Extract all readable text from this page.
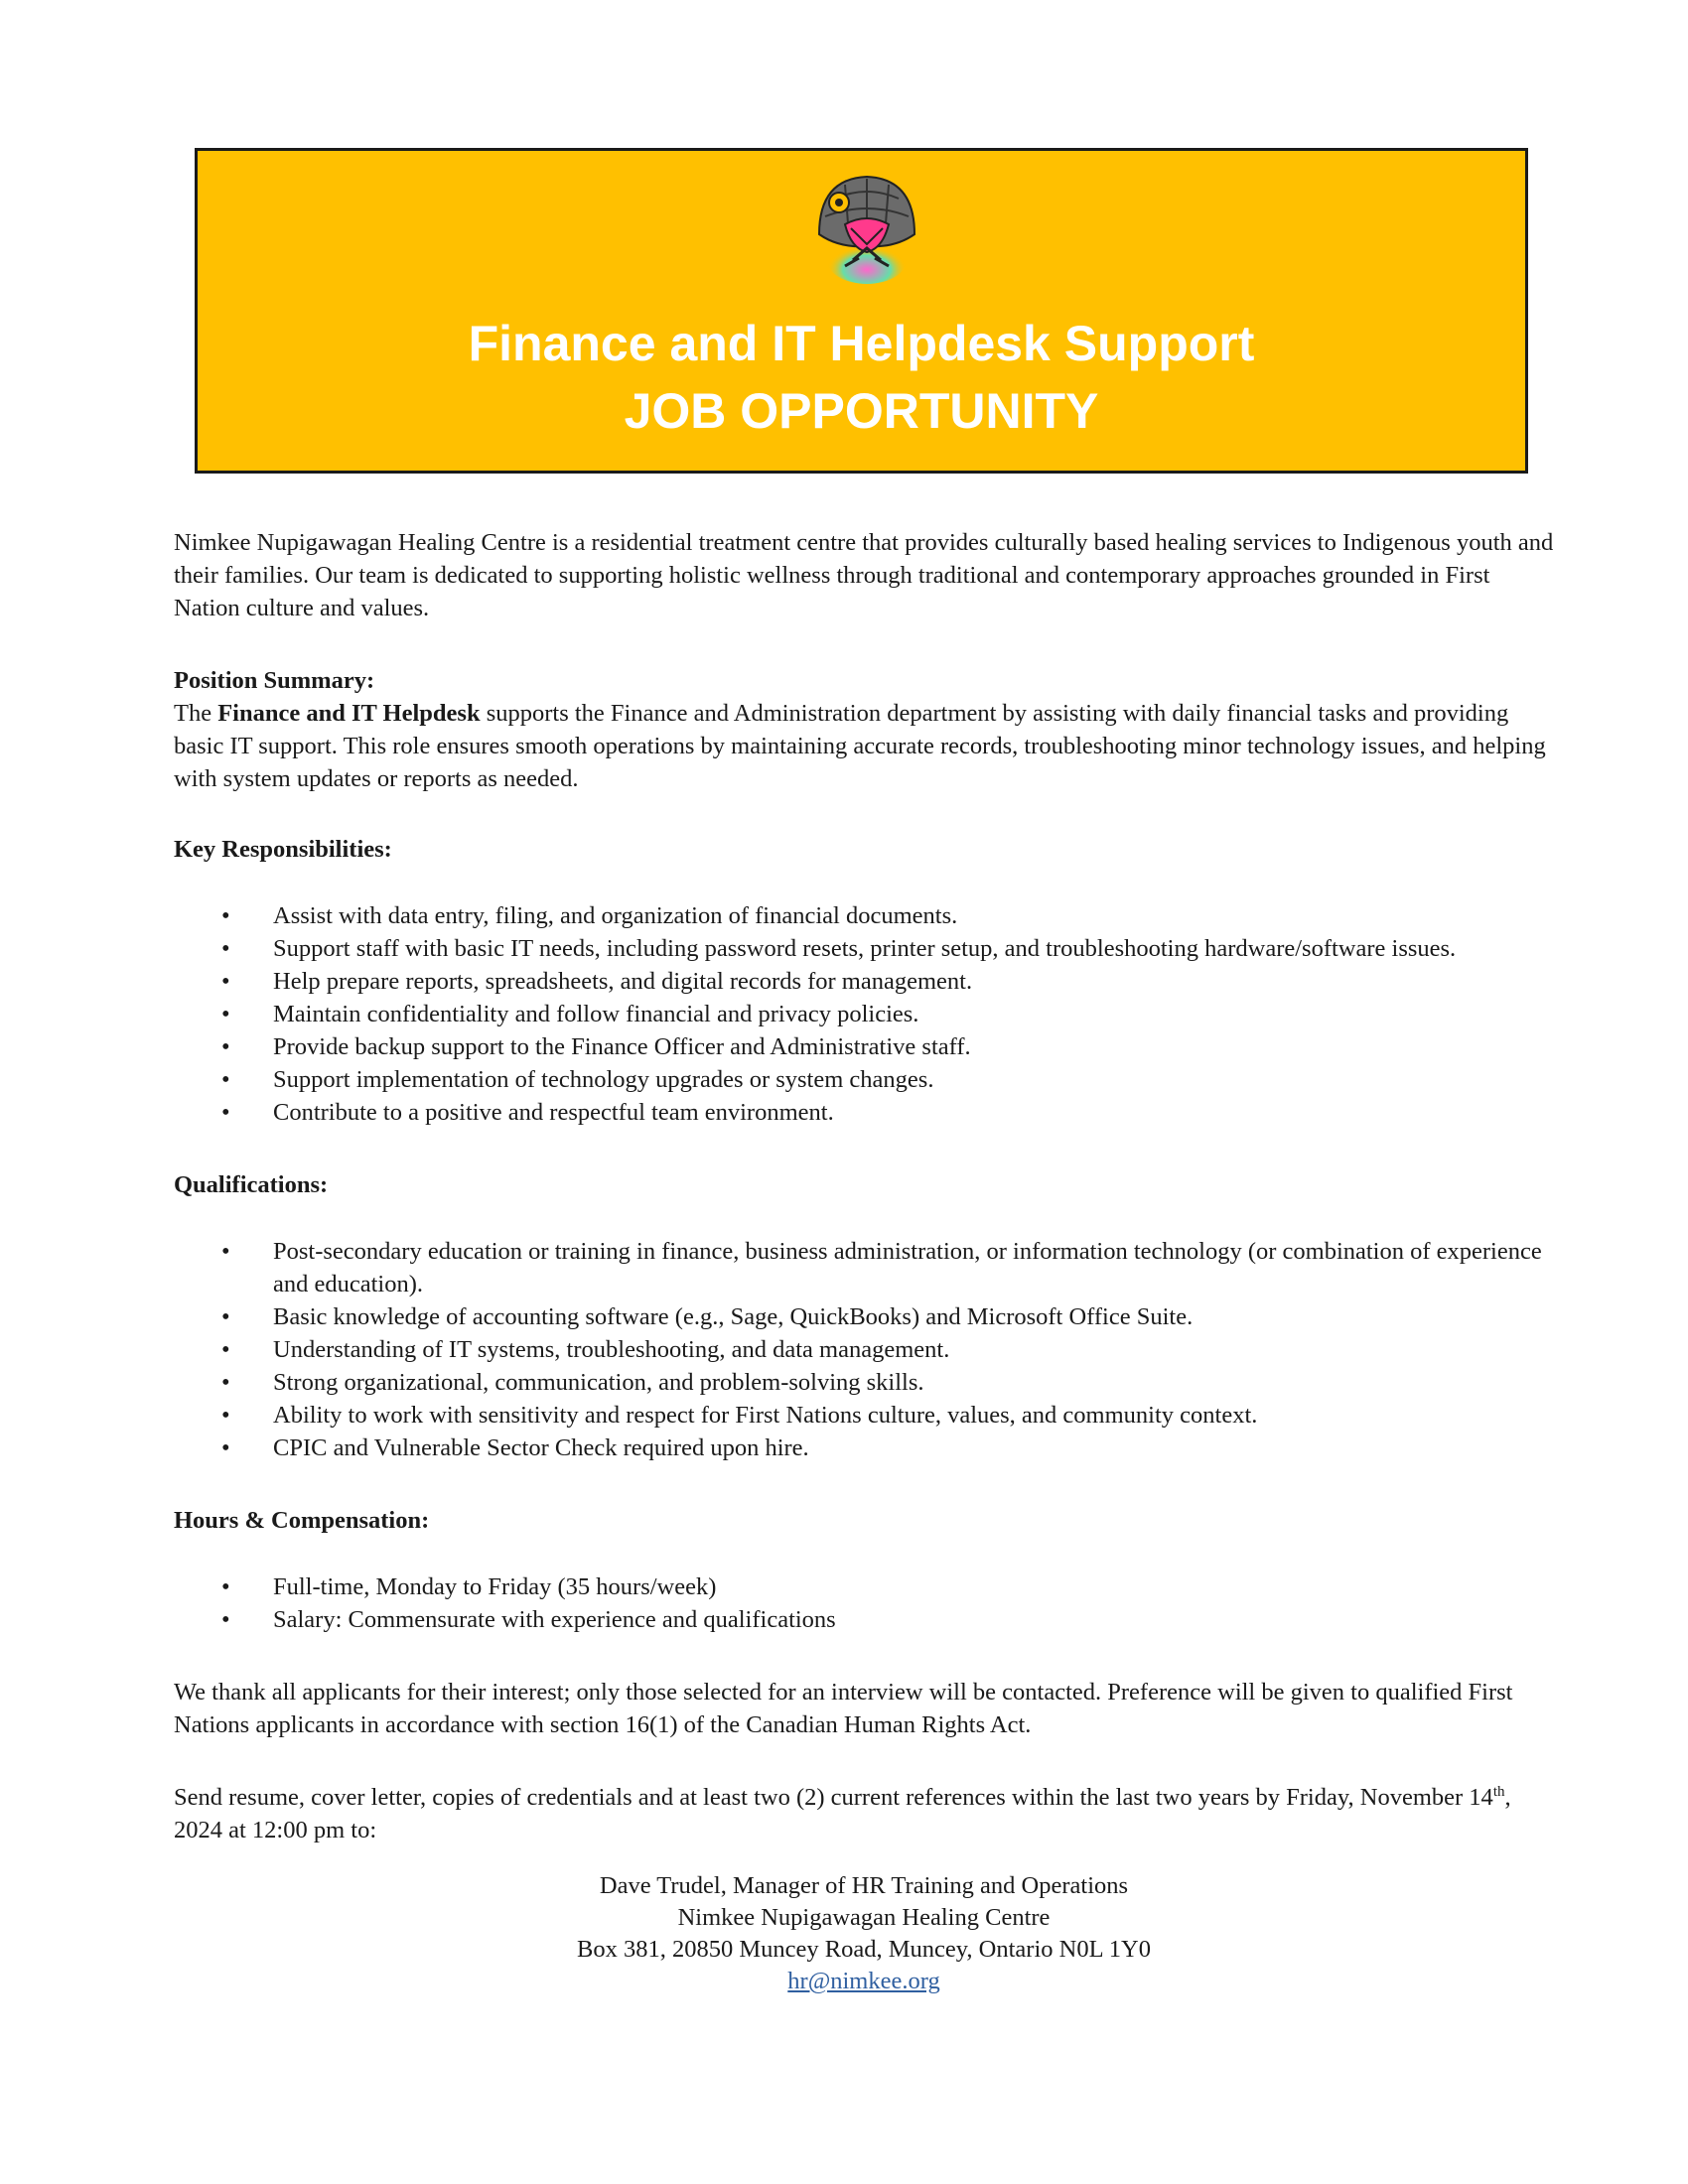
Finance and IT Helpdesk Support
JOB OPPORTUNITY

Nimkee Nupigawagan Healing Centre is a residential treatment centre that provides culturally based healing services to Indigenous youth and their families. Our team is dedicated to supporting holistic wellness through traditional and contemporary approaches grounded in First Nation culture and values.

Position Summary:

The Finance and IT Helpdesk supports the Finance and Administration department by assisting with daily financial tasks and providing basic IT support. This role ensures smooth operations by maintaining accurate records, troubleshooting minor technology issues, and helping with system updates or reports as needed.

Key Responsibilities:

• Assist with data entry, filing, and organization of financial documents.
• Support staff with basic IT needs, including password resets, printer setup, and troubleshooting hardware/software issues.
• Help prepare reports, spreadsheets, and digital records for management.
• Maintain confidentiality and follow financial and privacy policies.
• Provide backup support to the Finance Officer and Administrative staff.
• Support implementation of technology upgrades or system changes.
• Contribute to a positive and respectful team environment.

Qualifications:

• Post-secondary education or training in finance, business administration, or information technology (or combination of experience and education).
• Basic knowledge of accounting software (e.g., Sage, QuickBooks) and Microsoft Office Suite.
• Understanding of IT systems, troubleshooting, and data management.
• Strong organizational, communication, and problem-solving skills.
• Ability to work with sensitivity and respect for First Nations culture, values, and community context.
• CPIC and Vulnerable Sector Check required upon hire.

Hours & Compensation:

• Full-time, Monday to Friday (35 hours/week)
• Salary: Commensurate with experience and qualifications

We thank all applicants for their interest; only those selected for an interview will be contacted. Preference will be given to qualified First Nations applicants in accordance with section 16(1) of the Canadian Human Rights Act.

Send resume, cover letter, copies of credentials and at least two (2) current references within the last two years by Friday, November 14th, 2024 at 12:00 pm to:

Dave Trudel, Manager of HR Training and Operations
Nimkee Nupigawagan Healing Centre
Box 381, 20850 Muncey Road, Muncey, Ontario N0L 1Y0
hr@nimkee.org
